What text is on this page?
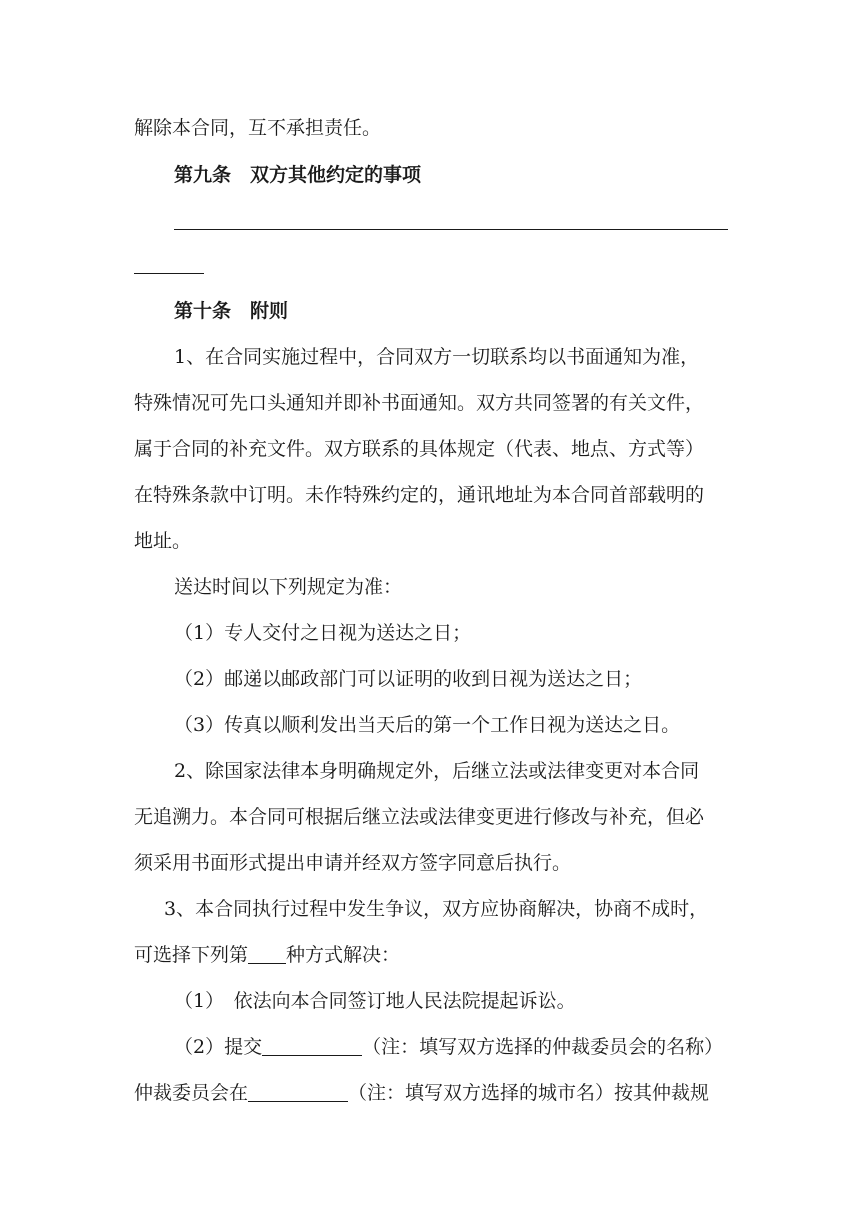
解除本合同，互不承担责任。
第九条　双方其他约定的事项
第十条　附则
1、在合同实施过程中，合同双方一切联系均以书面通知为准，
特殊情况可先口头通知并即补书面通知。双方共同签署的有关文件，
属于合同的补充文件。双方联系的具体规定（代表、地点、方式等）
在特殊条款中订明。未作特殊约定的，通讯地址为本合同首部载明的
地址。
送达时间以下列规定为准：
（1）专人交付之日视为送达之日；
（2）邮递以邮政部门可以证明的收到日视为送达之日；
（3）传真以顺利发出当天后的第一个工作日视为送达之日。
2、除国家法律本身明确规定外，后继立法或法律变更对本合同
无追溯力。本合同可根据后继立法或法律变更进行修改与补充，但必
须采用书面形式提出申请并经双方签字同意后执行。
3、本合同执行过程中发生争议，双方应协商解决，协商不成时，
可选择下列第 种方式解决：
（1）　依法向本合同签订地人民法院提起诉讼。
（2）提交	（注：填写双方选择的仲裁委员会的名称）
仲裁委员会在	（注：填写双方选择的城市名）按其仲裁规
